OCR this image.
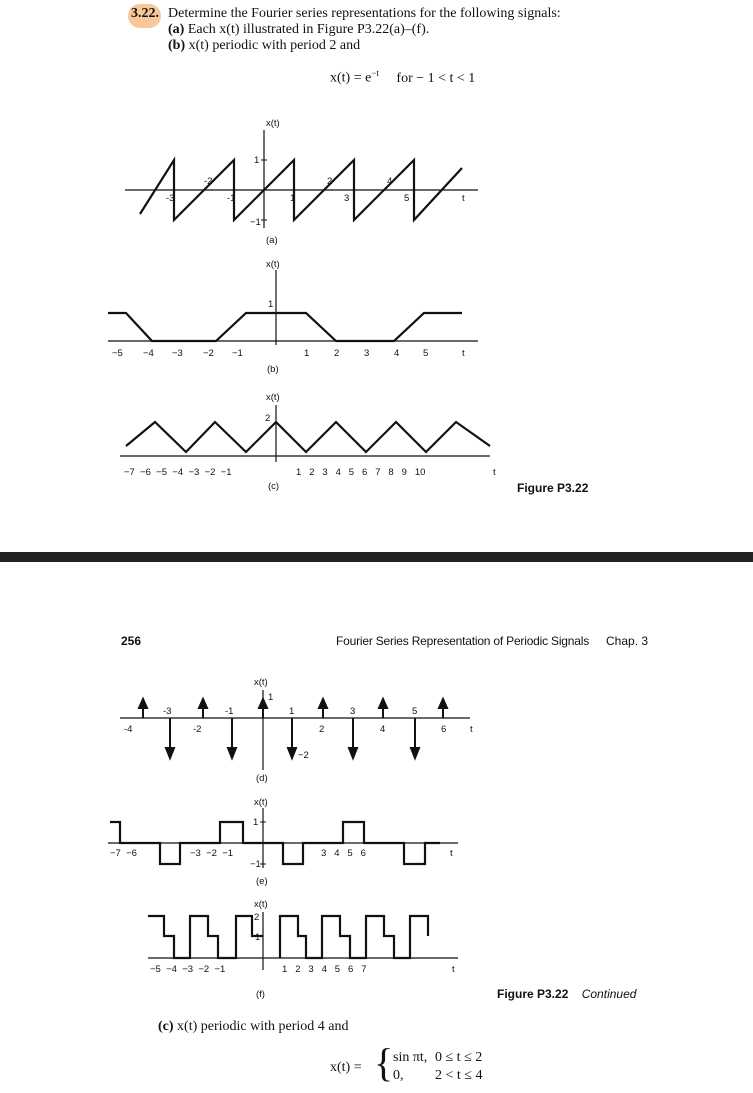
3.22. Determine the Fourier series representations for the following signals:
(a) Each x(t) illustrated in Figure P3.22(a)–(f).
(b) x(t) periodic with period 2 and
$x(t) = e^{-t}$ for − 1 < t < 1
x(t)
1
−1
-2	2	4
-3	-1	1	3	5	t
(a)
x(t)
1
−5 −4 −3 −2 −1	1	2	3	4 5	t
(b)
x(t)
2
−7  −6  −5  −4  −3  −2  −1	1   2   3   4   5   6   7   8   9   10	t
(c)	Figure P3.22
256	Fourier Series Representation of Periodic Signals Chap. 3
x(t)
1
−2
-3	-1	1	3	5
-4	-2	2	4	6 t
(d)
x(t)
1
−1
−7  −6	−3  −2  −1	3   4   5   6	t
(e)
x(t)
2
1
−5  −4  −3  −2  −1	1   2   3   4   5   6   7	t
(f)	Figure P3.22 Continued
(c) x(t) periodic with period 4 and
x(t) = { sin πt, 0 ≤ t ≤ 2
0, 2 < t ≤ 4
